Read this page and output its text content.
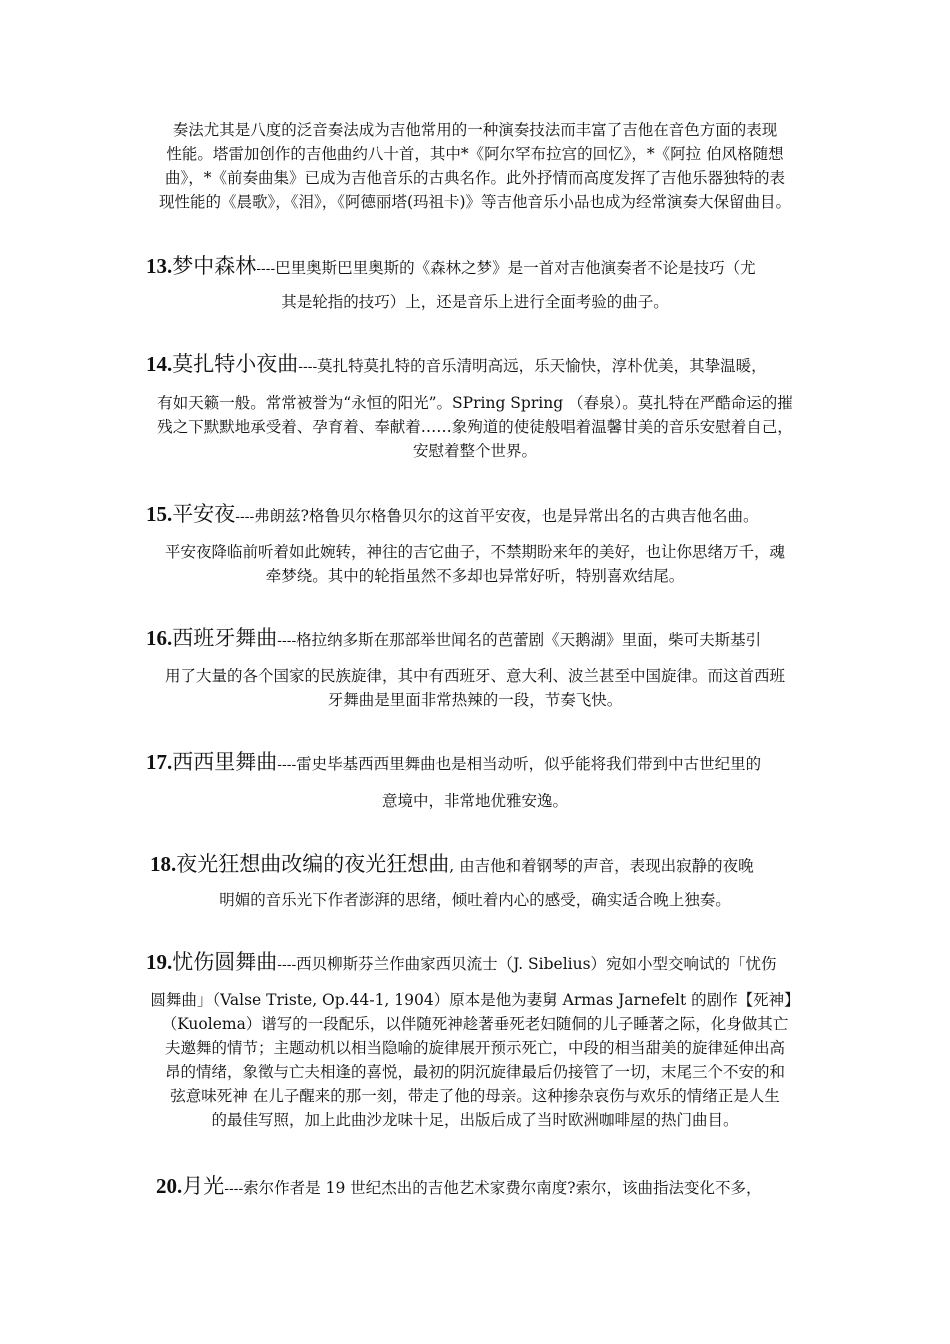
奏法尤其是八度的泛音奏法成为吉他常用的一种演奏技法而丰富了吉他在音色方面的表现
性能。塔雷加创作的吉他曲约八十首，其中*《阿尔罕布拉宫的回忆》，*《阿拉 伯风格随想
曲》，*《前奏曲集》已成为吉他音乐的古典名作。此外抒情而高度发挥了吉他乐器独特的表
现性能的《晨歌》，《泪》，《阿德丽塔(玛祖卡)》等吉他音乐小品也成为经常演奏大保留曲目。
13.梦中森林----巴里奥斯巴里奥斯的《森林之梦》是一首对吉他演奏者不论是技巧（尤
其是轮指的技巧）上，还是音乐上进行全面考验的曲子。
14.莫扎特小夜曲----莫扎特莫扎特的音乐清明高远，乐天愉快，淳朴优美，其挚温暖，
有如天籁一般。常常被誉为“永恒的阳光”。SPring Spring （春泉）。莫扎特在严酷命运的摧
残之下默默地承受着、孕育着、奉献着……象殉道的使徒般唱着温馨甘美的音乐安慰着自己，
安慰着整个世界。
15.平安夜----弗朗兹?格鲁贝尔格鲁贝尔的这首平安夜，也是异常出名的古典吉他名曲。
平安夜降临前听着如此婉转，神往的吉它曲子，不禁期盼来年的美好，也让你思绪万千，魂
牵梦绕。其中的轮指虽然不多却也异常好听，特别喜欢结尾。
16.西班牙舞曲----格拉纳多斯在那部举世闻名的芭蕾剧《天鹅湖》里面，柴可夫斯基引
用了大量的各个国家的民族旋律，其中有西班牙、意大利、波兰甚至中国旋律。而这首西班
牙舞曲是里面非常热辣的一段，节奏飞快。
17.西西里舞曲----雷史毕基西西里舞曲也是相当动听，似乎能将我们带到中古世纪里的
意境中，非常地优雅安逸。
18.夜光狂想曲改编的夜光狂想曲, 由吉他和着钢琴的声音，表现出寂静的夜晚
明媚的音乐光下作者澎湃的思绪，倾吐着内心的感受，确实适合晚上独奏。
19.忧伤圆舞曲----西贝柳斯芬兰作曲家西贝流士（J. Sibelius）宛如小型交响试的「忧伤
圆舞曲」（Valse Triste, Op.44-1, 1904）原本是他为妻舅 Armas Jarnefelt 的剧作【死神】
（Kuolema）谱写的一段配乐，以伴随死神趁著垂死老妇随侗的儿子睡著之际，化身做其亡
夫邀舞的情节；主题动机以相当隐喻的旋律展开预示死亡，中段的相当甜美的旋律延伸出高
昂的情绪，象徵与亡夫相逢的喜悦，最初的阴沉旋律最后仍接管了一切，末尾三个不安的和
弦意味死神 在儿子醒来的那一刻，带走了他的母亲。这种掺杂哀伤与欢乐的情绪正是人生
的最佳写照，加上此曲沙龙味十足，出版后成了当时欧洲咖啡屋的热门曲目。
20.月光----索尔作者是 19 世纪杰出的吉他艺术家费尔南度?索尔，该曲指法变化不多，
